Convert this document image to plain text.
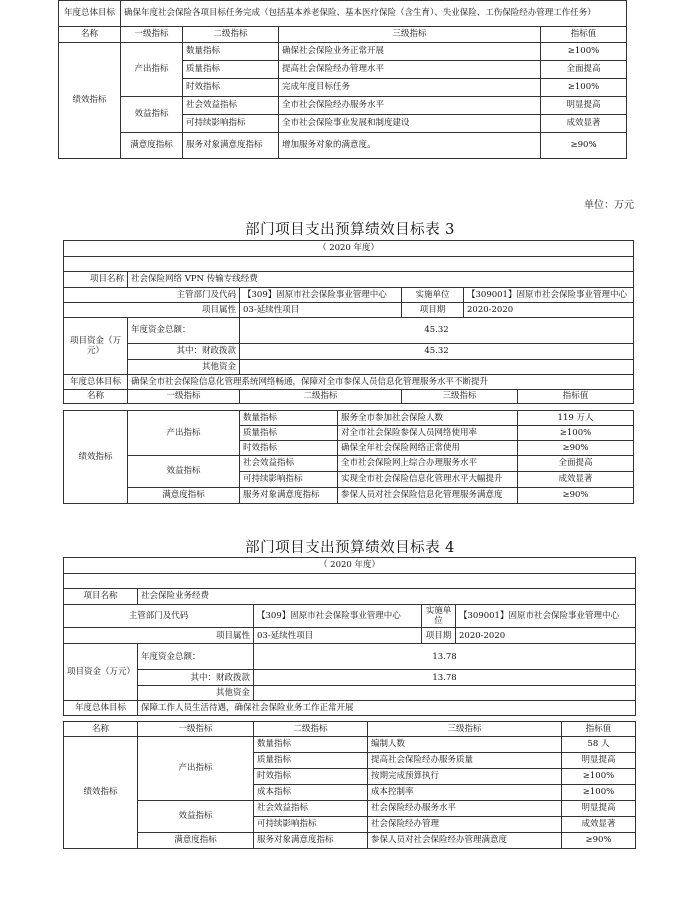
年度总体目标	确保年度社会保险各项目标任务完成（包括基本养老保险、基本医疗保险（含生育）、失业保险、工伤保险经办管理工作任务）			
名称	一级指标	二级指标	三级指标	指标值
绩效指标	产出指标	数量指标	确保社会保险业务正常开展	≥100%
		质量指标	提高社会保险经办管理水平	全面提高
		时效指标	完成年度目标任务	≥100%
	效益指标	社会效益指标	全市社会保险经办服务水平	明显提高
		可持续影响指标	全市社会保险事业发展和制度建设	成效显著
	满意度指标	服务对象满意度指标	增加服务对象的满意度。	≥90%
单位：万元
部门项目支出预算绩效目标表 3
（ 2020 年度）					

项目名称	社会保险网络 VPN 传输专线经费				
主管部门及代码		【309】固原市社会保险事业管理中心	实施单位	【309001】固原市社会保险事业管理中心	
项目属性		03-延续性项目	项目期	2020-2020	
项目资金（万元）	年度资金总额：	45.32			
	其中：财政拨款	45.32			
	其他资金				
年度总体目标	确保全市社会保险信息化管理系统网络畅通，保障对全市参保人员信息化管理服务水平不断提升				
名称	一级指标	二级指标	三级指标		指标值
绩效指标	产出指标	数量指标	服务全市参加社会保险人数	119 万人
		质量指标	对全市社会保险参保人员网络使用率	≥100%
		时效指标	确保全年社会保险网络正常使用	≥90%
	效益指标	社会效益指标	全市社会保险网上综合办理服务水平	全面提高
		可持续影响指标	实现全市社会保险信息化管理水平大幅提升	成效显著
	满意度指标	服务对象满意度指标	参保人员对社会保险信息化管理服务满意度	≥90%
部门项目支出预算绩效目标表 4
（ 2020 年度）				

项目名称	社会保险业务经费			
主管部门及代码		【309】固原市社会保险事业管理中心	实施单位	【309001】固原市社会保险事业管理中心
项目属性		03-延续性项目	项目期	2020-2020
项目资金（万元）	年度资金总额：	13.78		
	其中：财政拨款	13.78		
	其他资金			
年度总体目标	保障工作人员生活待遇，确保社会保险业务工作正常开展			
名称	一级指标	二级指标	三级指标	指标值
绩效指标	产出指标	数量指标	编制人数	58 人
		质量指标	提高社会保险经办服务质量	明显提高
		时效指标	按期完成预算执行	≥100%
		成本指标	成本控制率	≥100%
	效益指标	社会效益指标	社会保险经办服务水平	明显提高
		可持续影响指标	社会保险经办管理	成效显著
	满意度指标	服务对象满意度指标	参保人员对社会保险经办管理满意度	≥90%
